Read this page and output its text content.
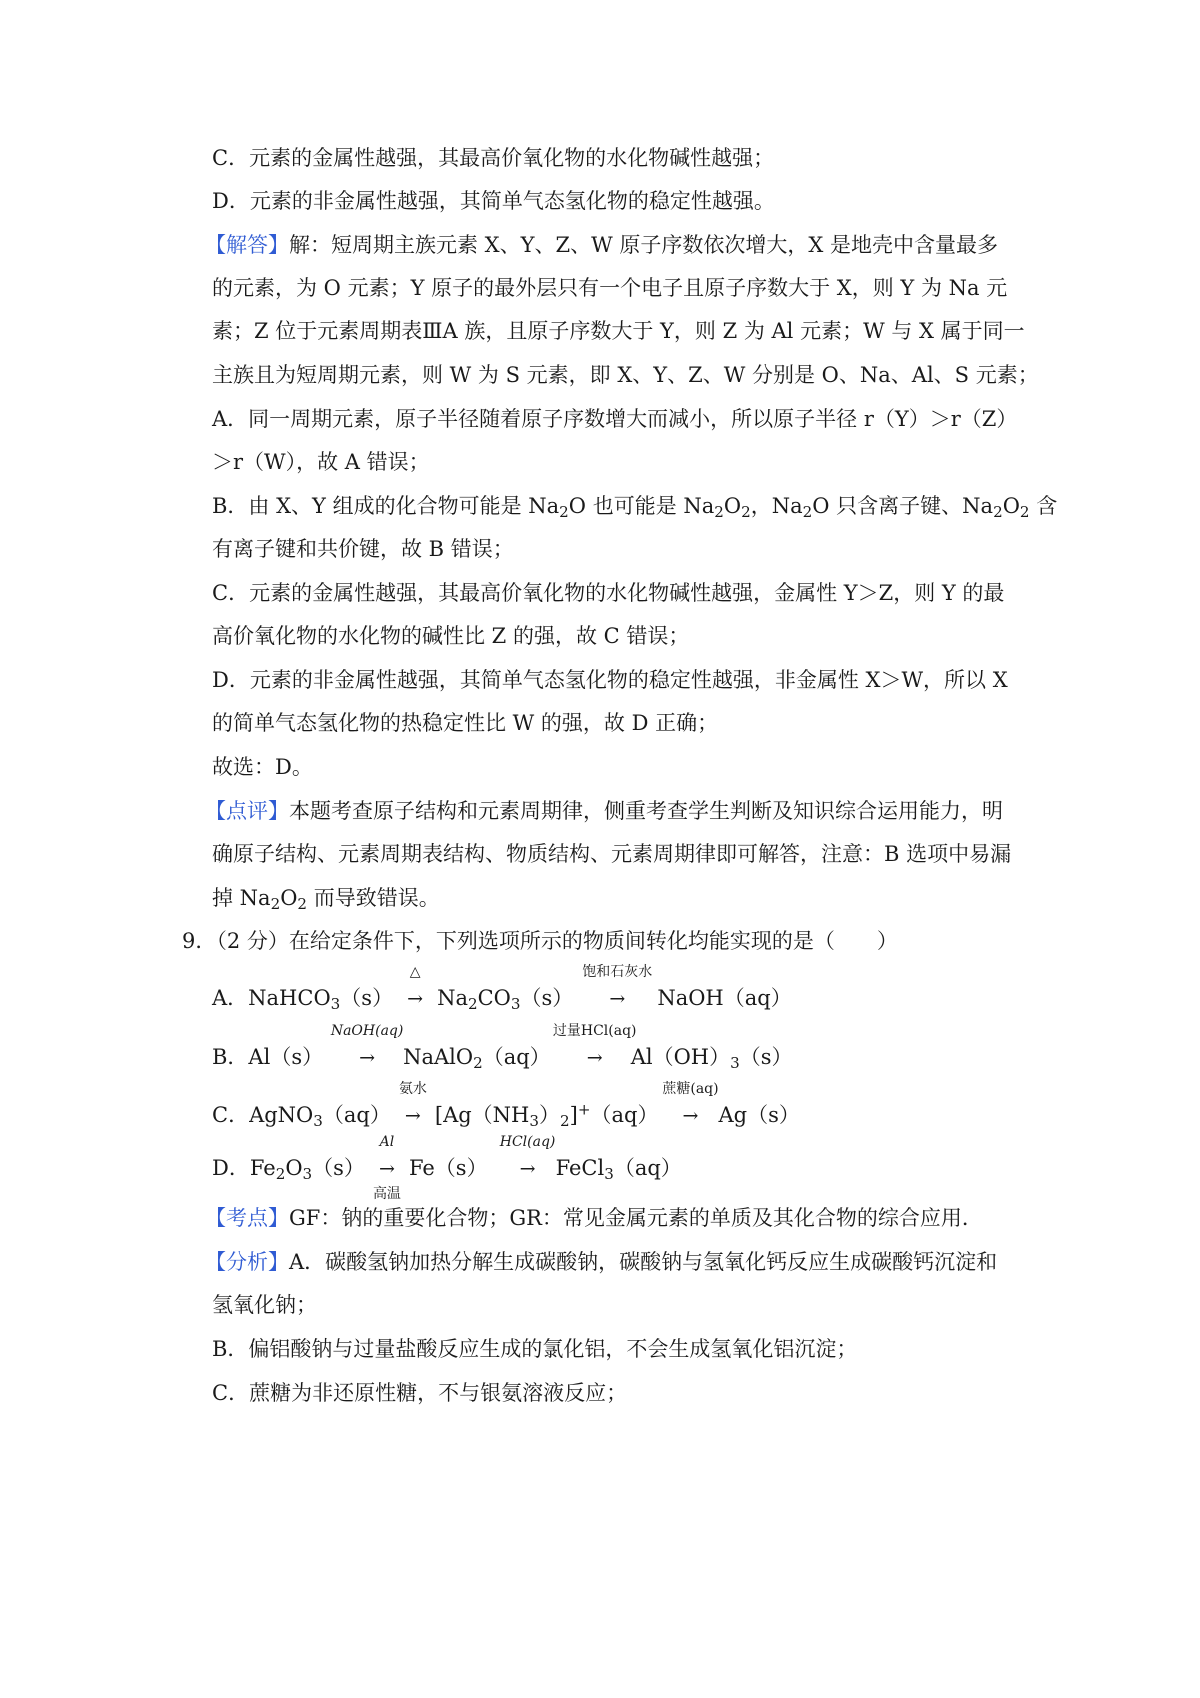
C．元素的金属性越强，其最高价氧化物的水化物碱性越强；
D．元素的非金属性越强，其简单气态氢化物的稳定性越强。
【解答】解：短周期主族元素 X、Y、Z、W 原子序数依次增大，X 是地壳中含量最多
的元素，为 O 元素；Y 原子的最外层只有一个电子且原子序数大于 X，则 Y 为 Na 元
素；Z 位于元素周期表ⅢA 族，且原子序数大于 Y，则 Z 为 Al 元素；W 与 X 属于同一
主族且为短周期元素，则 W 为 S 元素，即 X、Y、Z、W 分别是 O、Na、Al、S 元素；
A．同一周期元素，原子半径随着原子序数增大而减小，所以原子半径 r（Y）＞r（Z）
＞r（W），故 A 错误；
B．由 X、Y 组成的化合物可能是 $Na_2O$ 也可能是 $Na_2O_2$，$Na_2O$ 只含离子键、$Na_2O_2$ 含
有离子键和共价键，故 B 错误；
C．元素的金属性越强，其最高价氧化物的水化物碱性越强，金属性 Y＞Z，则 Y 的最
高价氧化物的水化物的碱性比 Z 的强，故 C 错误；
D．元素的非金属性越强，其简单气态氢化物的稳定性越强，非金属性 X＞W，所以 X
的简单气态氢化物的热稳定性比 W 的强，故 D 正确；
故选：D。
【点评】本题考查原子结构和元素周期律，侧重考查学生判断及知识综合运用能力，明
确原子结构、元素周期表结构、物质结构、元素周期律即可解答，注意：B 选项中易漏
掉 $Na_2O_2$ 而导致错误。
9．（2 分）在给定条件下，下列选项所示的物质间转化均能实现的是（　　）
A．NaHCO$_3$（s）
△
→ $Na_2CO_3(s)$
饱和石灰水
→ NaOH（aq）
B．Al（s）
NaOH(aq)
→ NaAlO$_2$（aq）
过量HCl(aq)
→ $Al(OH)_3(s)$
C．AgNO$_3$（aq）
氨水
→ $[Ag(NH_3)_2]^+(aq)$
蔗糖(aq)
→ Ag（s）
D．$Fe_2O_3(s)$
Al
→
高温
Fe（s）
HCl(aq)
→ FeCl$_3$（aq）
【考点】GF：钠的重要化合物；GR：常见金属元素的单质及其化合物的综合应用．
【分析】A．碳酸氢钠加热分解生成碳酸钠，碳酸钠与氢氧化钙反应生成碳酸钙沉淀和
氢氧化钠；
B．偏铝酸钠与过量盐酸反应生成的氯化铝，不会生成氢氧化铝沉淀；
C．蔗糖为非还原性糖，不与银氨溶液反应；
